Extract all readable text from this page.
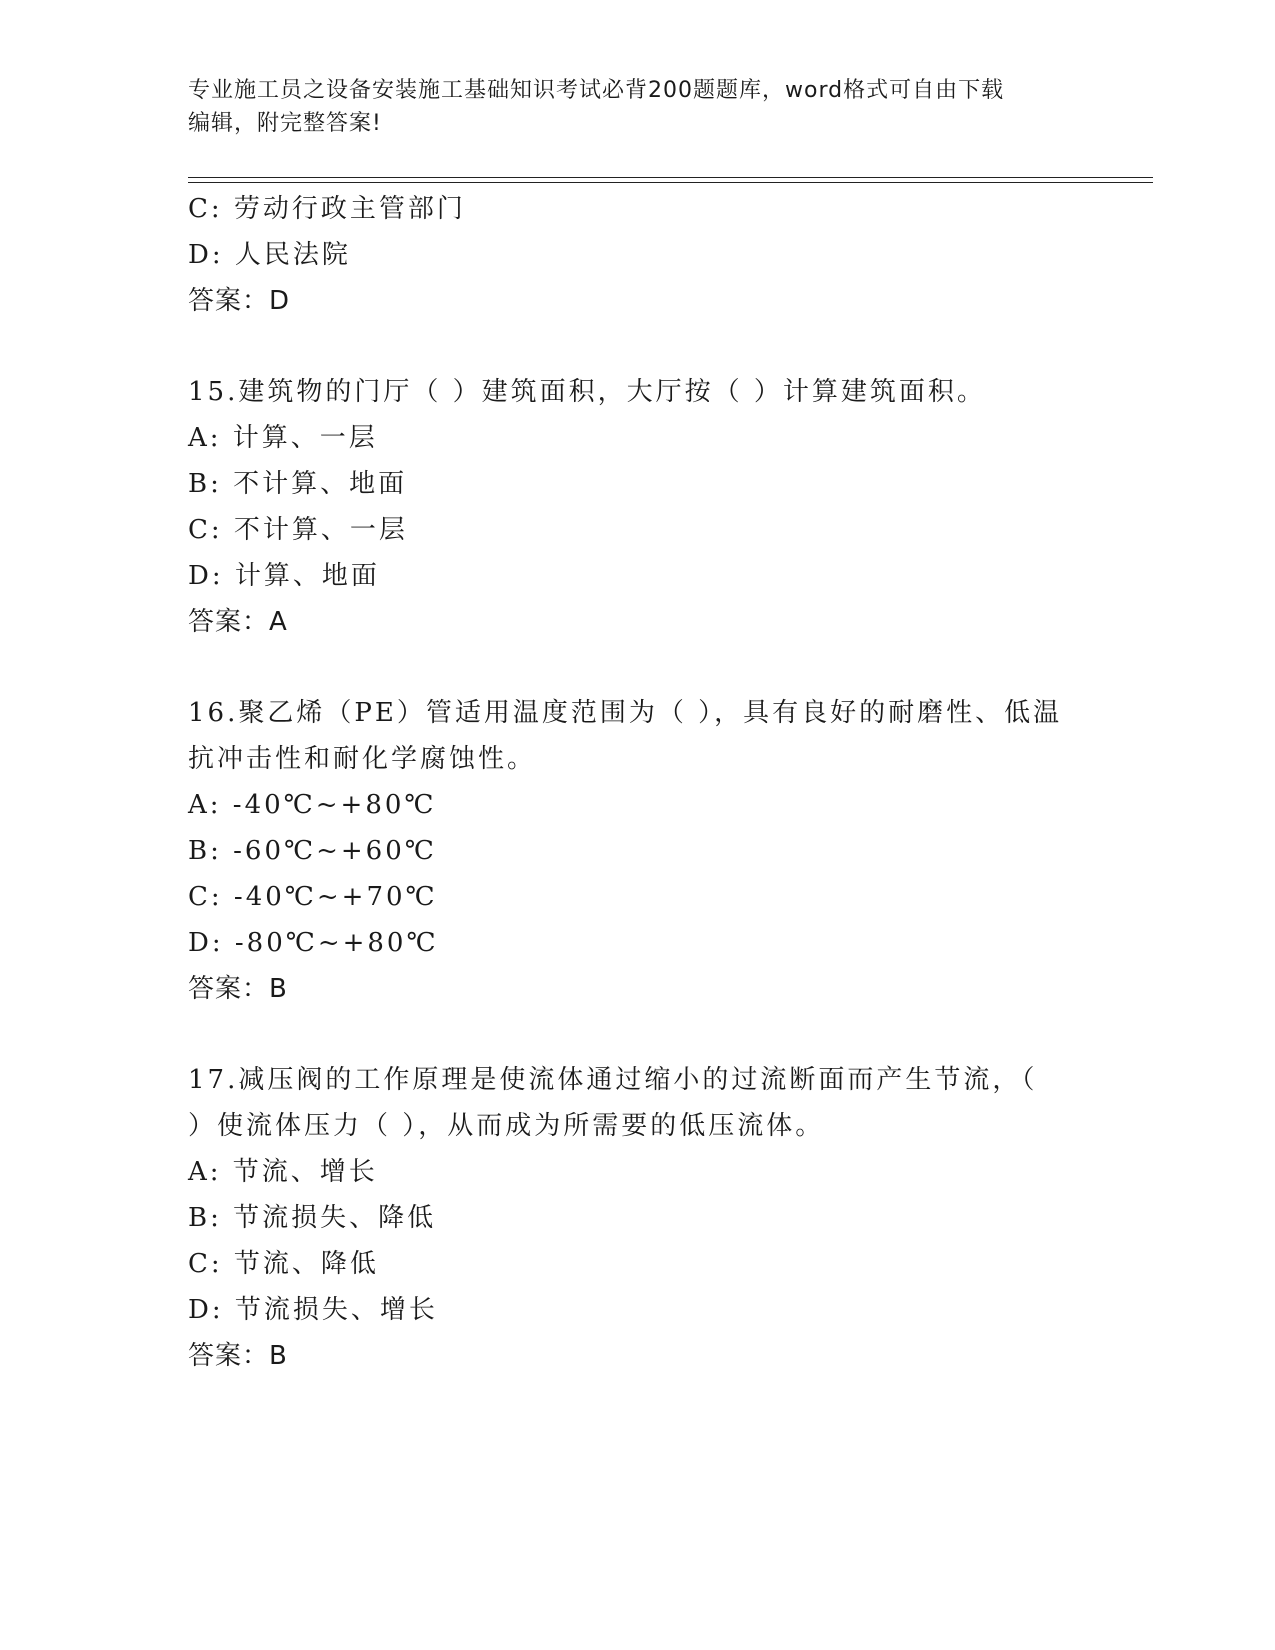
专业施工员之设备安装施工基础知识考试必背200题题库，word格式可自由下载
编辑，附完整答案!
C: 劳动行政主管部门
D: 人民法院
答案：D
15.建筑物的门厅（ ）建筑面积，大厅按（ ）计算建筑面积。
A: 计算、一层
B: 不计算、地面
C: 不计算、一层
D: 计算、地面
答案：A
16.聚乙烯（PE）管适用温度范围为（ ），具有良好的耐磨性、低温
抗冲击性和耐化学腐蚀性。
A: -40℃~+80℃
B: -60℃~+60℃
C: -40℃~+70℃
D: -80℃~+80℃
答案：B
17.减压阀的工作原理是使流体通过缩小的过流断面而产生节流，（
）使流体压力（ ），从而成为所需要的低压流体。
A: 节流、增长
B: 节流损失、降低
C: 节流、降低
D: 节流损失、增长
答案：B
